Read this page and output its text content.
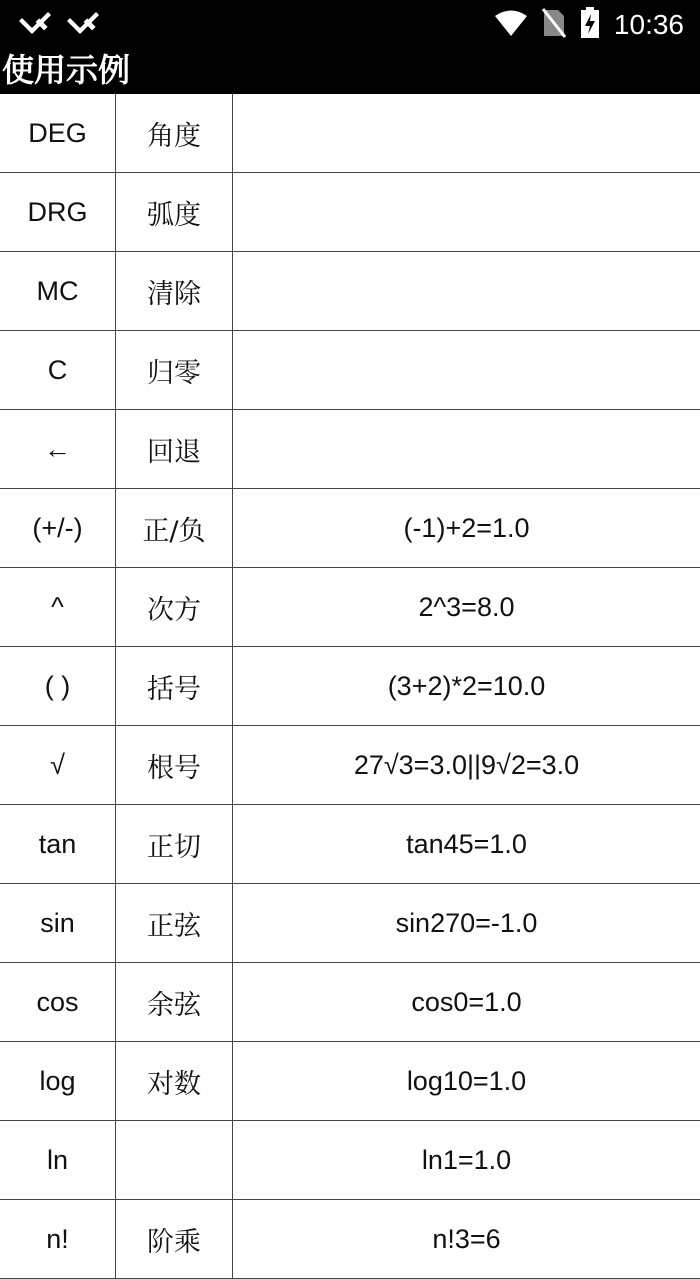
10:36
使用示例
DEG	角度	
DRG	弧度	
MC	清除	
C	归零	
←	回退	
(+/-)	正/负	(-1)+2=1.0
^	次方	2^3=8.0
( )	括号	(3+2)*2=10.0
√	根号	27√3=3.0||9√2=3.0
tan	正切	tan45=1.0
sin	正弦	sin270=-1.0
cos	余弦	cos0=1.0
log	对数	log10=1.0
ln		ln1=1.0
n!	阶乘	n!3=6
